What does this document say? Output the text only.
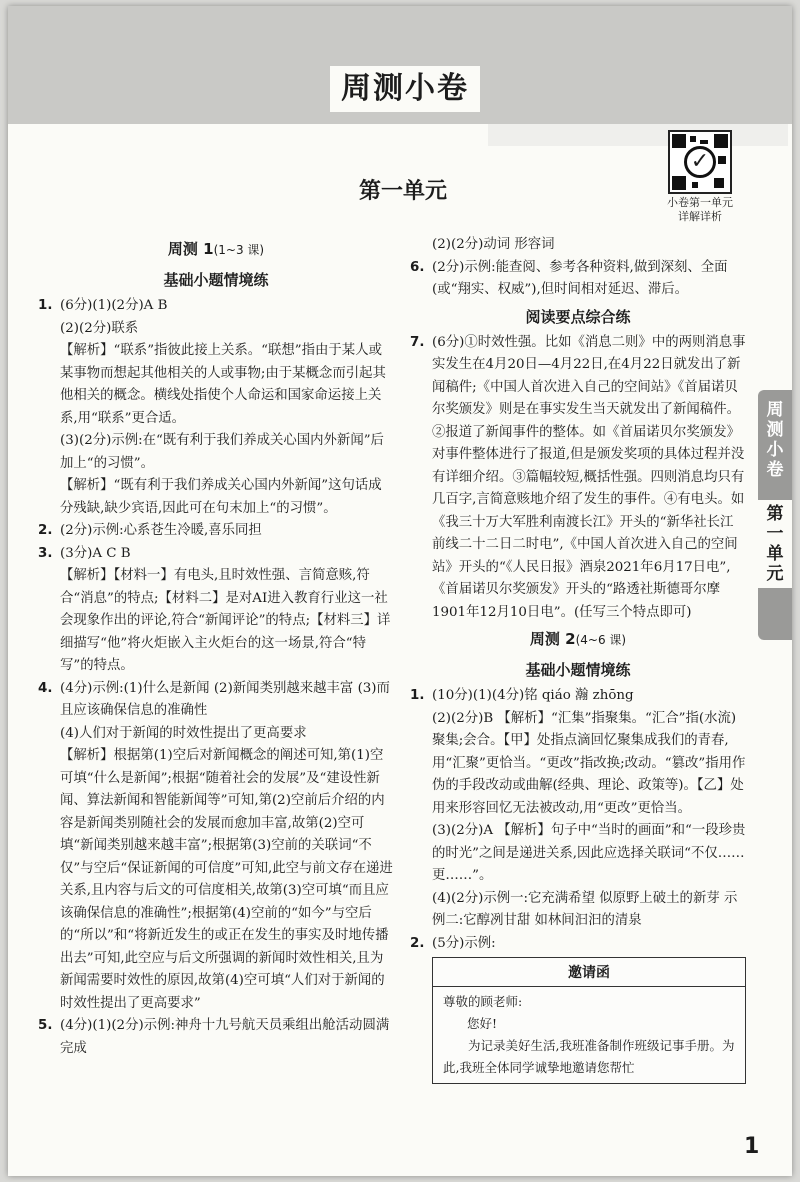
周测小卷
✓
小卷第一单元
详解详析
第一单元
周测小卷
第一单元
周测 1(1~3 课)
基础小题情境练
1. (6分)(1)(2分)A B
(2)(2分)联系
【解析】“联系”指彼此接上关系。“联想”指由于某人或某事物而想起其他相关的人或事物;由于某概念而引起其他相关的概念。横线处指使个人命运和国家命运接上关系,用“联系”更合适。
(3)(2分)示例:在“既有利于我们养成关心国内外新闻”后加上“的习惯”。
【解析】“既有利于我们养成关心国内外新闻”这句话成分残缺,缺少宾语,因此可在句末加上“的习惯”。
2. (2分)示例:心系苍生冷暖,喜乐同担
3. (3分)A C B
【解析】【材料一】有电头,且时效性强、言简意赅,符合“消息”的特点;【材料二】是对AI进入教育行业这一社会现象作出的评论,符合“新闻评论”的特点;【材料三】详细描写“他”将火炬嵌入主火炬台的这一场景,符合“特写”的特点。
4. (4分)示例:(1)什么是新闻 (2)新闻类别越来越丰富 (3)而且应该确保信息的准确性
(4)人们对于新闻的时效性提出了更高要求
【解析】根据第(1)空后对新闻概念的阐述可知,第(1)空可填“什么是新闻”;根据“随着社会的发展”及“建设性新闻、算法新闻和智能新闻等”可知,第(2)空前后介绍的内容是新闻类别随社会的发展而愈加丰富,故第(2)空可填“新闻类别越来越丰富”;根据第(3)空前的关联词“不仅”与空后“保证新闻的可信度”可知,此空与前文存在递进关系,且内容与后文的可信度相关,故第(3)空可填“而且应该确保信息的准确性”;根据第(4)空前的“如今”与空后的“所以”和“将新近发生的或正在发生的事实及时地传播出去”可知,此空应与后文所强调的新闻时效性相关,且为新闻需要时效性的原因,故第(4)空可填“人们对于新闻的时效性提出了更高要求”
5. (4分)(1)(2分)示例:神舟十九号航天员乘组出舱活动圆满完成
(2)(2分)动词 形容词
6. (2分)示例:能查阅、参考各种资料,做到深刻、全面(或“翔实、权威”),但时间相对延迟、滞后。
阅读要点综合练
7. (6分)①时效性强。比如《消息二则》中的两则消息事实发生在4月20日—4月22日,在4月22日就发出了新闻稿件;《中国人首次进入自己的空间站》《首届诺贝尔奖颁发》则是在事实发生当天就发出了新闻稿件。②报道了新闻事件的整体。如《首届诺贝尔奖颁发》对事件整体进行了报道,但是颁发奖项的具体过程并没有详细介绍。③篇幅较短,概括性强。四则消息均只有几百字,言简意赅地介绍了发生的事件。④有电头。如《我三十万大军胜利南渡长江》开头的“新华社长江前线二十二日二时电”,《中国人首次进入自己的空间站》开头的“《人民日报》酒泉2021年6月17日电”,《首届诺贝尔奖颁发》开头的“路透社斯德哥尔摩1901年12月10日电”。(任写三个特点即可)
周测 2(4~6 课)
基础小题情境练
1. (10分)(1)(4分)铭 qiáo 瀚 zhōng
(2)(2分)B 【解析】“汇集”指聚集。“汇合”指(水流)聚集;会合。【甲】处指点滴回忆聚集成我们的青春,用“汇聚”更恰当。“更改”指改换;改动。“篡改”指用作伪的手段改动或曲解(经典、理论、政策等)。【乙】处用来形容回忆无法被改动,用“更改”更恰当。
(3)(2分)A 【解析】句子中“当时的画面”和“一段珍贵的时光”之间是递进关系,因此应选择关联词“不仅……更……”。
(4)(2分)示例一:它充满希望 似原野上破土的新芽 示例二:它醇冽甘甜 如林间汩汩的清泉
2. (5分)示例:
邀请函
尊敬的顾老师:
您好!
为记录美好生活,我班准备制作班级记事手册。为此,我班全体同学诚挚地邀请您帮忙
1
